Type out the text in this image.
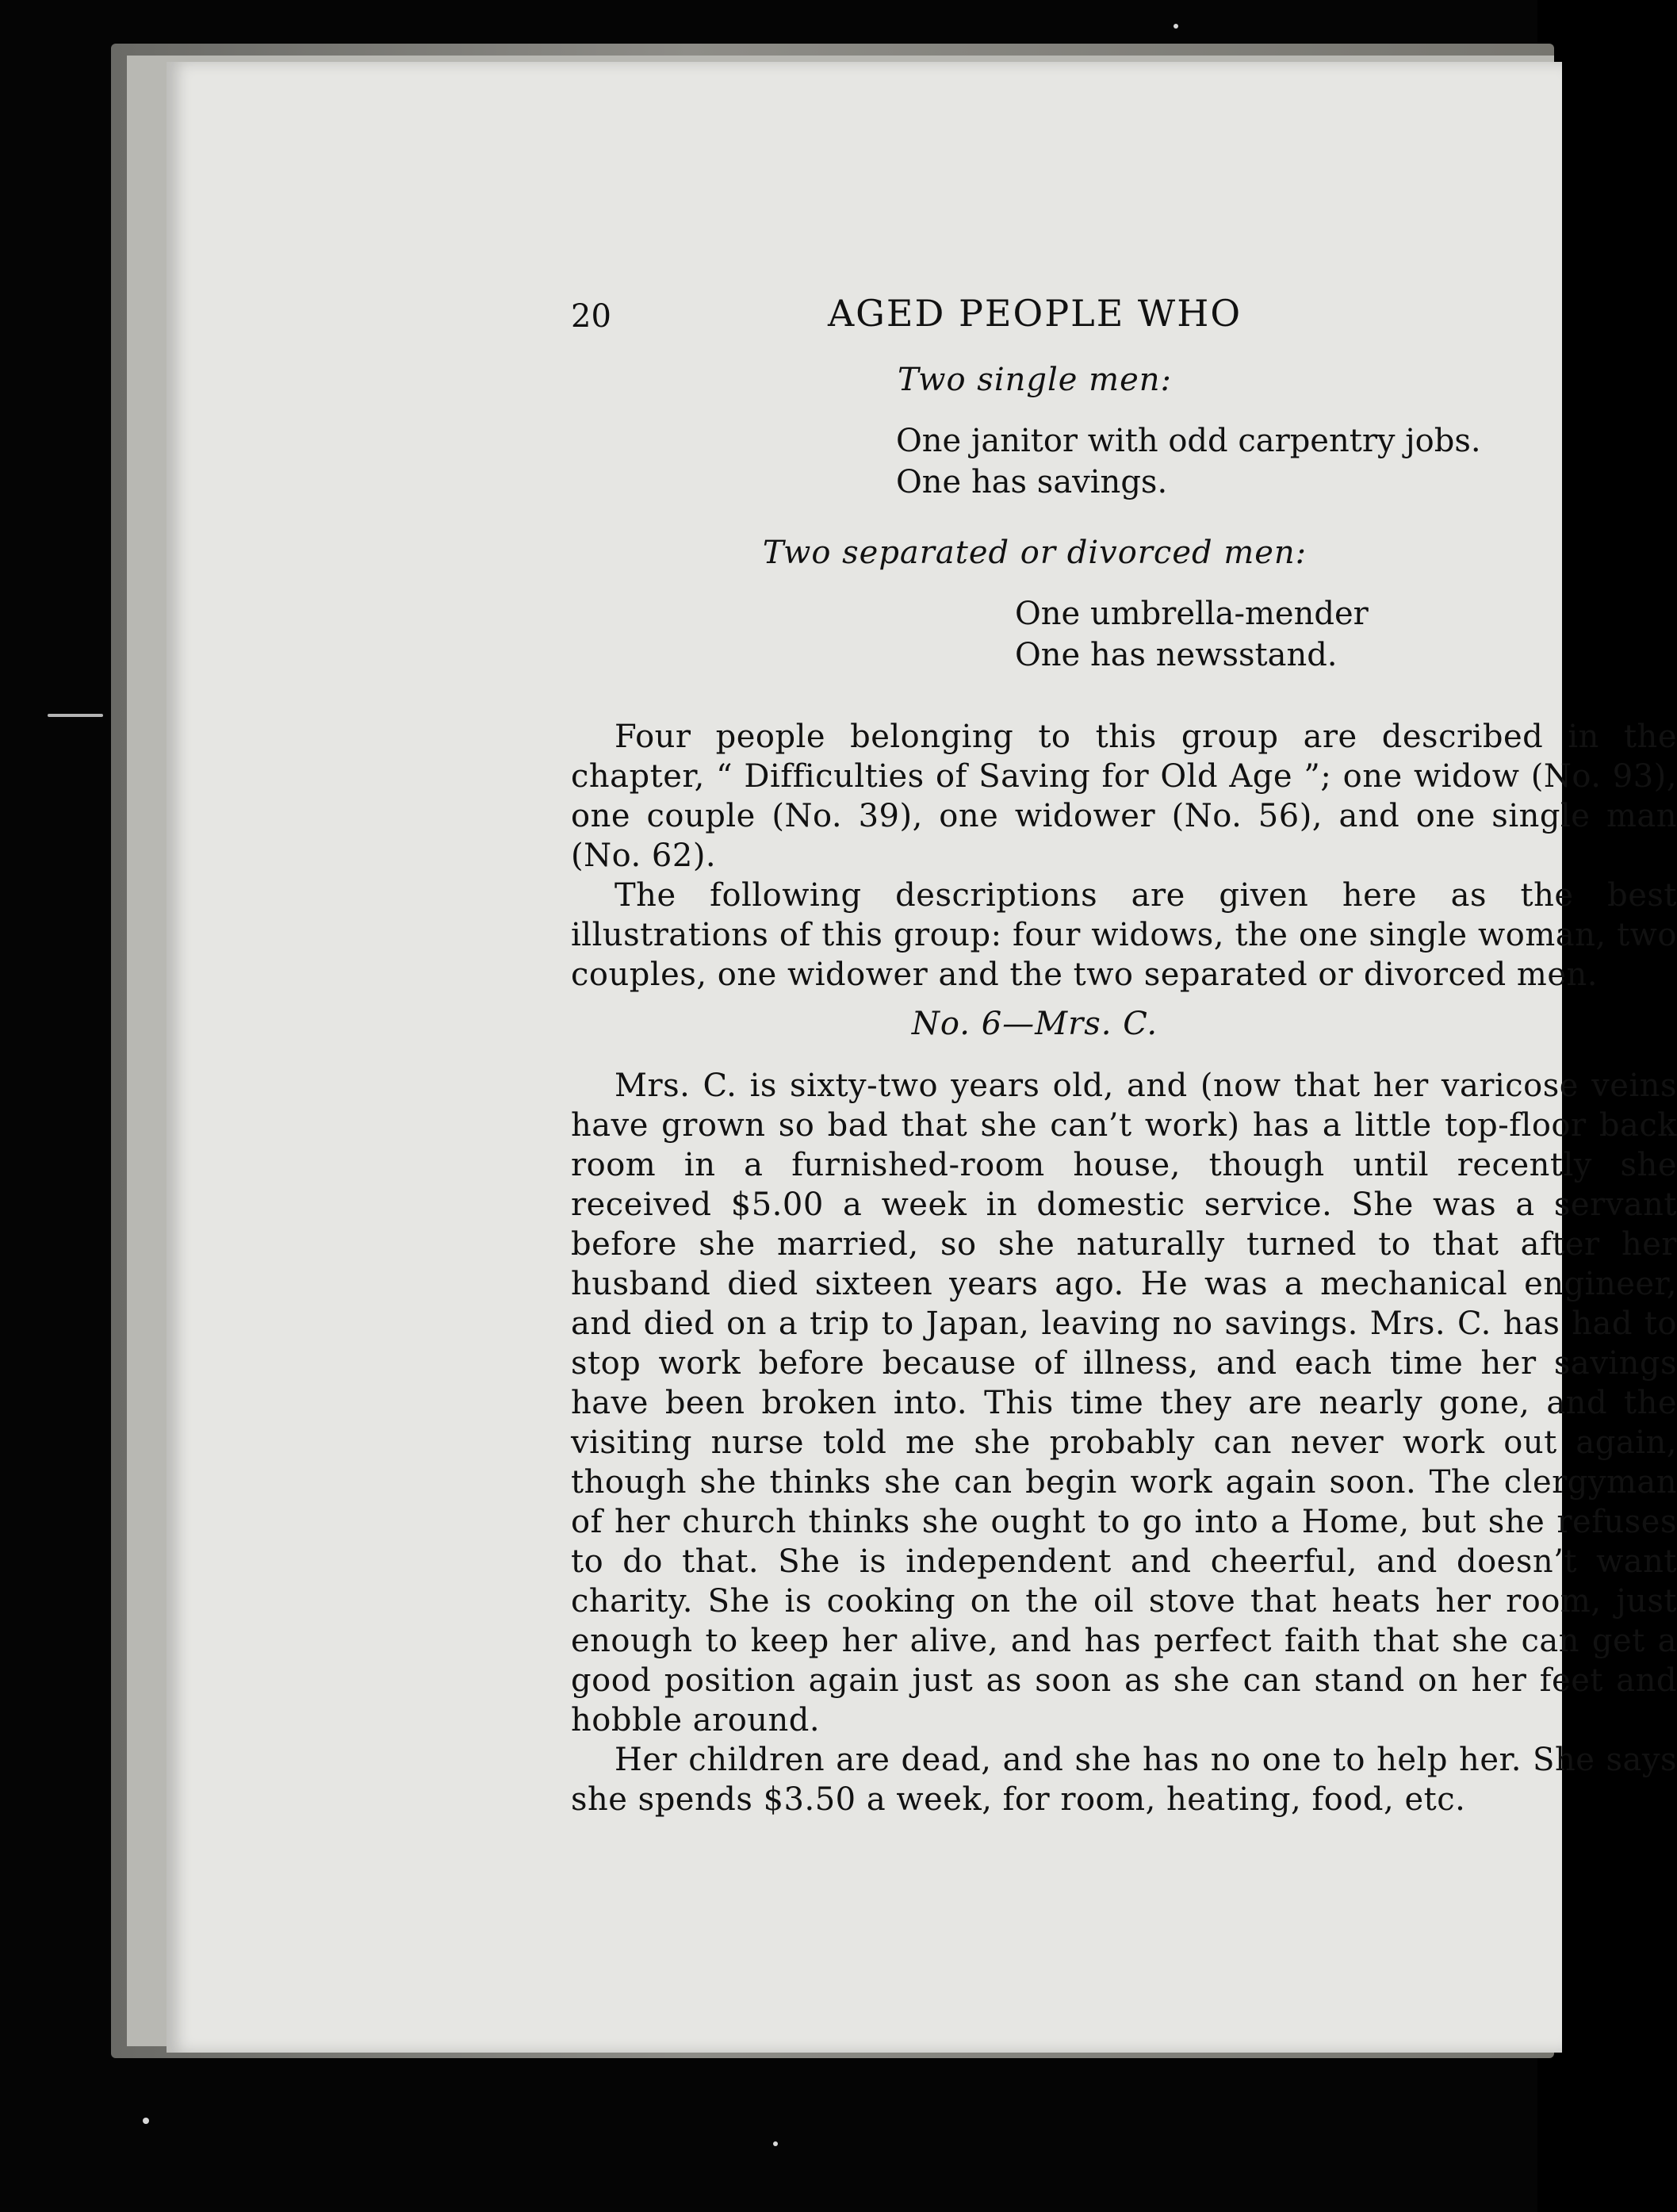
20	AGED PEOPLE WHO

Two single men:

One janitor with odd carpentry jobs.
One has savings.

Two separated or divorced men:

One umbrella-mender
One has newsstand.

Four people belonging to this group are described in the chapter, “ Difficulties of Saving for Old Age ”; one widow (No. 93), one couple (No. 39), one widower (No. 56), and one single man (No. 62).

The following descriptions are given here as the best illustrations of this group: four widows, the one single woman, two couples, one widower and the two separated or divorced men.

No. 6—Mrs. C.

Mrs. C. is sixty-two years old, and (now that her varicose veins have grown so bad that she can’t work) has a little top-floor back room in a furnished-room house, though until recently she received $5.00 a week in domestic service. She was a servant before she married, so she naturally turned to that after her husband died sixteen years ago. He was a mechanical engineer, and died on a trip to Japan, leaving no savings. Mrs. C. has had to stop work before because of illness, and each time her savings have been broken into. This time they are nearly gone, and the visiting nurse told me she probably can never work out again, though she thinks she can begin work again soon. The clergyman of her church thinks she ought to go into a Home, but she refuses to do that. She is independent and cheerful, and doesn’t want charity. She is cooking on the oil stove that heats her room, just enough to keep her alive, and has perfect faith that she can get a good position again just as soon as she can stand on her feet and hobble around.

Her children are dead, and she has no one to help her. She says she spends $3.50 a week, for room, heating, food, etc.
